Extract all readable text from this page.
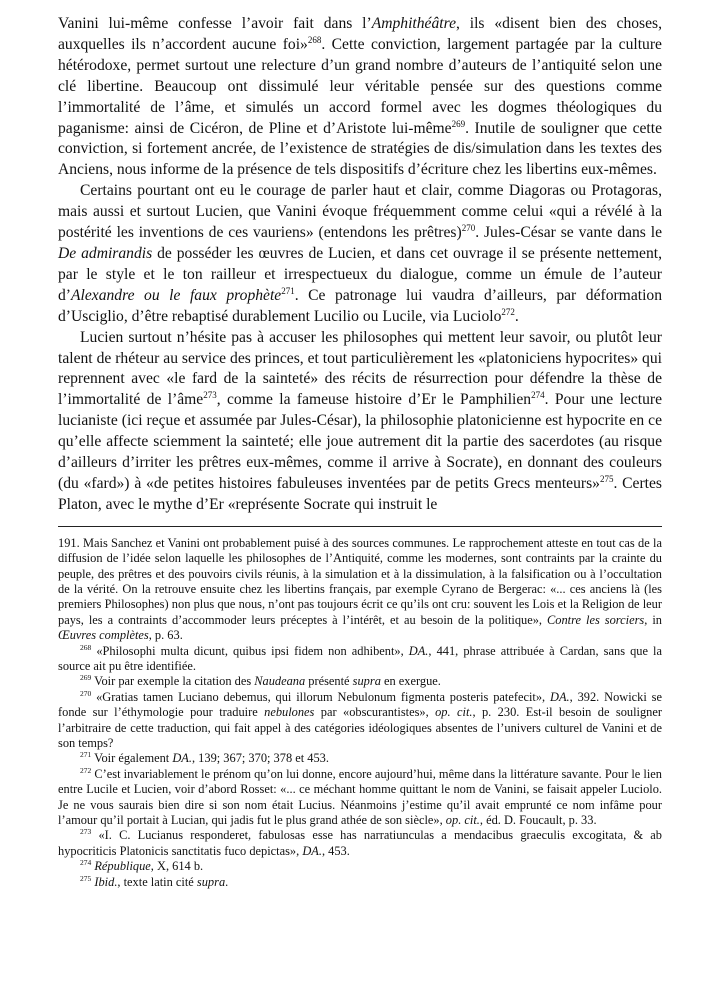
Vanini lui-même confesse l’avoir fait dans l’Amphithéâtre, ils «disent bien des choses, auxquelles ils n’accordent aucune foi»$^{268}$. Cette conviction, largement partagée par la culture hétérodoxe, permet surtout une relecture d’un grand nombre d’auteurs de l’antiquité selon une clé libertine. Beaucoup ont dissimulé leur véritable pensée sur des questions comme l’immortalité de l’âme, et simulés un accord formel avec les dogmes théologiques du paganisme: ainsi de Cicéron, de Pline et d’Aristote lui-même$^{269}$. Inutile de souligner que cette conviction, si fortement ancrée, de l’existence de stratégies de dis/simulation dans les textes des Anciens, nous informe de la présence de tels dispositifs d’écriture chez les libertins eux-mêmes.

Certains pourtant ont eu le courage de parler haut et clair, comme Diagoras ou Protagoras, mais aussi et surtout Lucien, que Vanini évoque fréquemment comme celui «qui a révélé à la postérité les inventions de ces vauriens» (entendons les prêtres)$^{270}$. Jules-César se vante dans le De admirandis de posséder les œuvres de Lucien, et dans cet ouvrage il se présente nettement, par le style et le ton railleur et irrespectueux du dialogue, comme un émule de l’auteur d’Alexandre ou le faux prophète$^{271}$. Ce patronage lui vaudra d’ailleurs, par déformation d’Usciglio, d’être rebaptisé durablement Lucilio ou Lucile, via Luciolo$^{272}$.

Lucien surtout n’hésite pas à accuser les philosophes qui mettent leur savoir, ou plutôt leur talent de rhéteur au service des princes, et tout particulièrement les «platoniciens hypocrites» qui reprennent avec «le fard de la sainteté» des récits de résurrection pour défendre la thèse de l’immortalité de l’âme$^{273}$, comme la fameuse histoire d’Er le Pamphilien$^{274}$. Pour une lecture lucianiste (ici reçue et assumée par Jules-César), la philosophie platonicienne est hypocrite en ce qu’elle affecte sciemment la sainteté; elle joue autrement dit la partie des sacerdotes (au risque d’ailleurs d’irriter les prêtres eux-mêmes, comme il arrive à Socrate), en donnant des couleurs (du «fard») à «de petites histoires fabuleuses inventées par de petits Grecs menteurs»$^{275}$. Certes Platon, avec le mythe d’Er «représente Socrate qui instruit le

191. Mais Sanchez et Vanini ont probablement puisé à des sources communes. Le rapprochement atteste en tout cas de la diffusion de l’idée selon laquelle les philosophes de l’Antiquité, comme les modernes, sont contraints par la crainte du peuple, des prêtres et des pouvoirs civils réunis, à la simulation et à la dissimulation, à la falsification ou à l’occultation de la vérité. On la retrouve ensuite chez les libertins français, par exemple Cyrano de Bergerac: «... ces anciens là (les premiers Philosophes) non plus que nous, n’ont pas toujours écrit ce qu’ils ont cru: souvent les Lois et la Religion de leur pays, les a contraints d’accommoder leurs préceptes à l’intérêt, et au besoin de la politique», Contre les sorciers, in Œuvres complètes, p. 63.

$^{268}$ «Philosophi multa dicunt, quibus ipsi fidem non adhibent», DA., 441, phrase attribuée à Cardan, sans que la source ait pu être identifiée.

$^{269}$ Voir par exemple la citation des Naudeana présenté supra en exergue.

$^{270}$ «Gratias tamen Luciano debemus, qui illorum Nebulonum figmenta posteris patefecit», DA., 392. Nowicki se fonde sur l’éthymologie pour traduire nebulones par «obscurantistes», op. cit., p. 230. Est-il besoin de souligner l’arbitraire de cette traduction, qui fait appel à des catégories idéologiques absentes de l’univers culturel de Vanini et de son temps?

$^{271}$ Voir également DA., 139; 367; 370; 378 et 453.

$^{272}$ C’est invariablement le prénom qu’on lui donne, encore aujourd’hui, même dans la littérature savante. Pour le lien entre Lucile et Lucien, voir d’abord Rosset: «... ce méchant homme quittant le nom de Vanini, se faisait appeler Luciolo. Je ne vous saurais bien dire si son nom était Lucius. Néanmoins j’estime qu’il avait emprunté ce nom infâme pour l’amour qu’il portait à Lucian, qui jadis fut le plus grand athée de son siècle», op. cit., éd. D. Foucault, p. 33.

$^{273}$ «I. C. Lucianus responderet, fabulosas esse has narratiunculas a mendacibus graeculis excogitata, & ab hypocriticis Platonicis sanctitatis fuco depictas», DA., 453.

$^{274}$ République, X, 614 b.

$^{275}$ Ibid., texte latin cité supra.
